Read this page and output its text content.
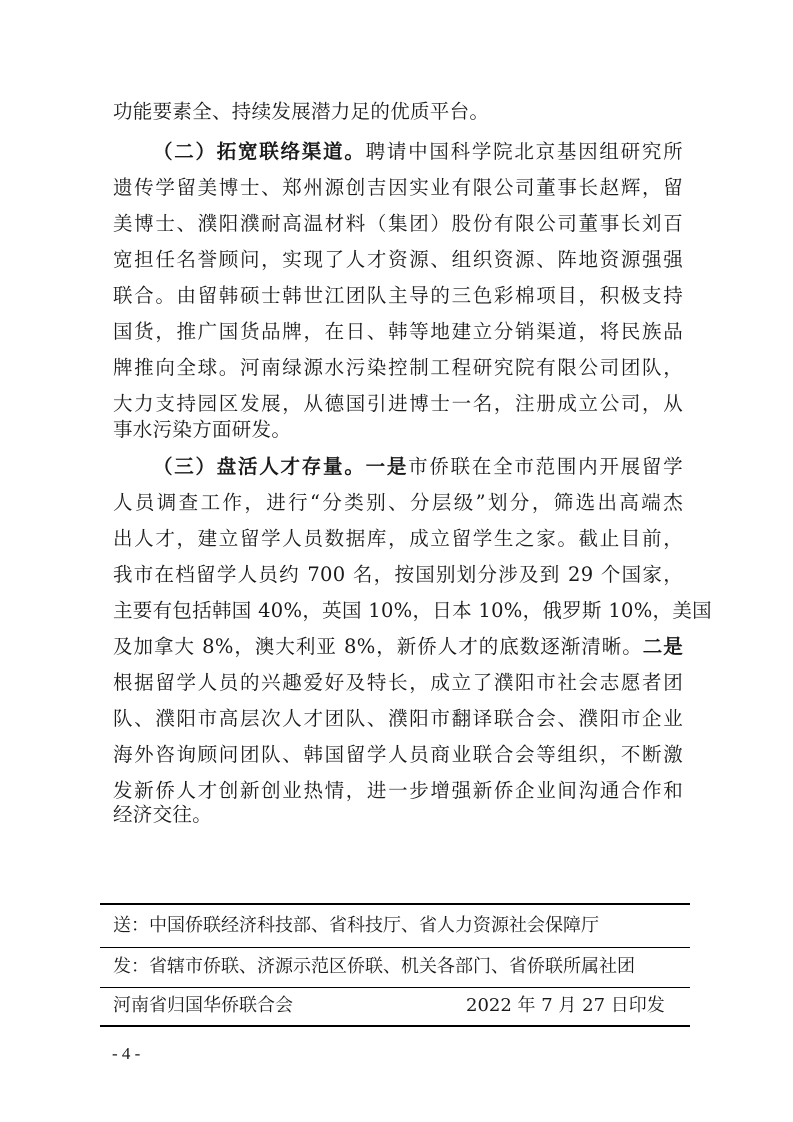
功能要素全、持续发展潜力足的优质平台。
（二）拓宽联络渠道。聘请中国科学院北京基因组研究所
遗传学留美博士、郑州源创吉因实业有限公司董事长赵辉，留
美博士、濮阳濮耐高温材料（集团）股份有限公司董事长刘百
宽担任名誉顾问，实现了人才资源、组织资源、阵地资源强强
联合。由留韩硕士韩世江团队主导的三色彩棉项目，积极支持
国货，推广国货品牌，在日、韩等地建立分销渠道，将民族品
牌推向全球。河南绿源水污染控制工程研究院有限公司团队，
大力支持园区发展，从德国引进博士一名，注册成立公司，从
事水污染方面研发。
（三）盘活人才存量。一是市侨联在全市范围内开展留学
人员调查工作，进行“分类别、分层级”划分，筛选出高端杰
出人才，建立留学人员数据库，成立留学生之家。截止目前，
我市在档留学人员约 700 名，按国别划分涉及到 29 个国家，
主要有包括韩国 40%，英国 10%，日本 10%，俄罗斯 10%，美国
及加拿大 8%，澳大利亚 8%，新侨人才的底数逐渐清晰。二是
根据留学人员的兴趣爱好及特长，成立了濮阳市社会志愿者团
队、濮阳市高层次人才团队、濮阳市翻译联合会、濮阳市企业
海外咨询顾问团队、韩国留学人员商业联合会等组织，不断激
发新侨人才创新创业热情，进一步增强新侨企业间沟通合作和
经济交往。
送：中国侨联经济科技部、省科技厅、省人力资源社会保障厅
发：省辖市侨联、济源示范区侨联、机关各部门、省侨联所属社团
河南省归国华侨联合会	2022 年 7 月 27 日印发
- 4 -
